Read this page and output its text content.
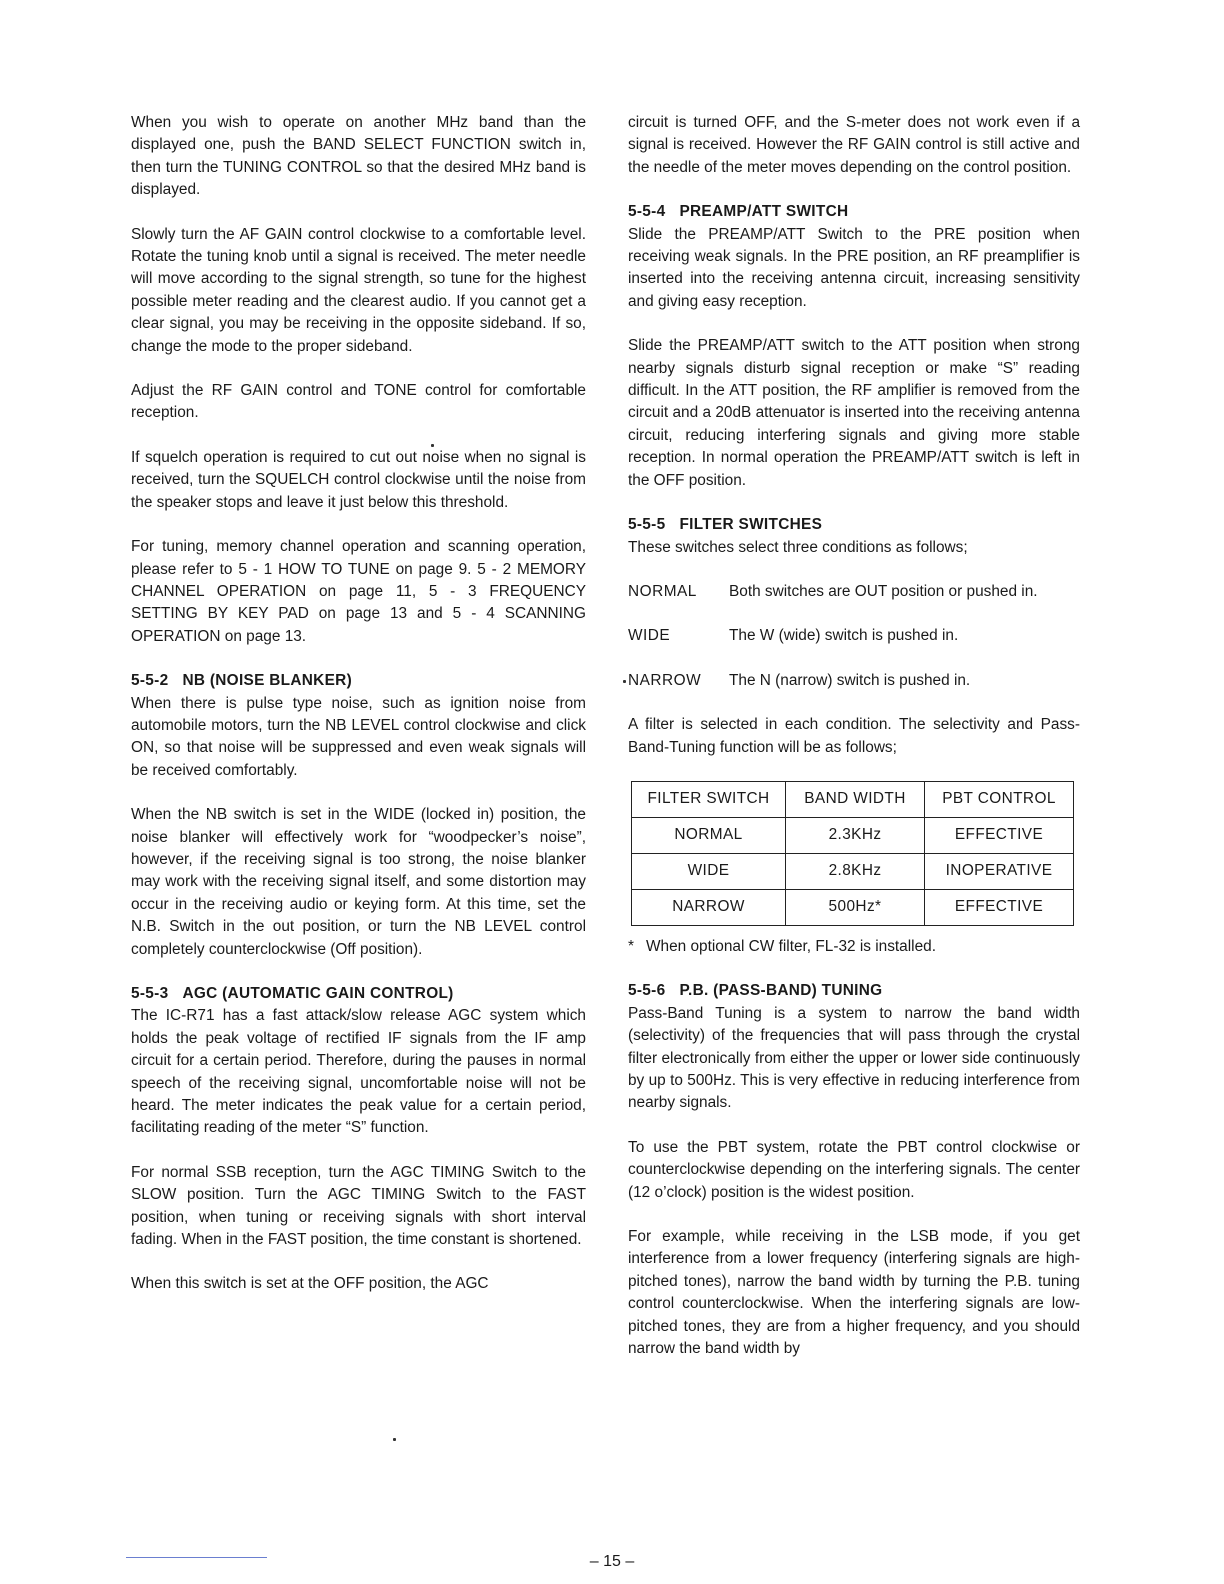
When you wish to operate on another MHz band than the displayed one, push the BAND SELECT FUNCTION switch in, then turn the TUNING CONTROL so that the desired MHz band is displayed.

Slowly turn the AF GAIN control clockwise to a comfortable level. Rotate the tuning knob until a signal is received. The meter needle will move according to the signal strength, so tune for the highest possible meter reading and the clearest audio. If you cannot get a clear signal, you may be receiving in the opposite sideband. If so, change the mode to the proper sideband.

Adjust the RF GAIN control and TONE control for comfortable reception.

If squelch operation is required to cut out noise when no signal is received, turn the SQUELCH control clockwise until the noise from the speaker stops and leave it just below this threshold.

For tuning, memory channel operation and scanning operation, please refer to 5 - 1 HOW TO TUNE on page 9. 5 - 2 MEMORY CHANNEL OPERATION on page 11, 5 - 3 FREQUENCY SETTING BY KEY PAD on page 13 and 5 - 4 SCANNING OPERATION on page 13.

5-5-2 NB (NOISE BLANKER)

When there is pulse type noise, such as ignition noise from automobile motors, turn the NB LEVEL control clockwise and click ON, so that noise will be suppressed and even weak signals will be received comfortably.

When the NB switch is set in the WIDE (locked in) position, the noise blanker will effectively work for “woodpecker’s noise”, however, if the receiving signal is too strong, the noise blanker may work with the receiving signal itself, and some distortion may occur in the receiving audio or keying form. At this time, set the N.B. Switch in the out position, or turn the NB LEVEL control completely counterclockwise (Off position).

5-5-3 AGC (AUTOMATIC GAIN CONTROL)

The IC-R71 has a fast attack/slow release AGC system which holds the peak voltage of rectified IF signals from the IF amp circuit for a certain period. Therefore, during the pauses in normal speech of the receiving signal, uncomfortable noise will not be heard. The meter indicates the peak value for a certain period, facilitating reading of the meter “S” function.

For normal SSB reception, turn the AGC TIMING Switch to the SLOW position. Turn the AGC TIMING Switch to the FAST position, when tuning or receiving signals with short interval fading. When in the FAST position, the time constant is shortened.

When this switch is set at the OFF position, the AGC

circuit is turned OFF, and the S-meter does not work even if a signal is received. However the RF GAIN control is still active and the needle of the meter moves depending on the control position.

5-5-4 PREAMP/ATT SWITCH

Slide the PREAMP/ATT Switch to the PRE position when receiving weak signals. In the PRE position, an RF preamplifier is inserted into the receiving antenna circuit, increasing sensitivity and giving easy reception.

Slide the PREAMP/ATT switch to the ATT position when strong nearby signals disturb signal reception or make “S” reading difficult. In the ATT position, the RF amplifier is removed from the circuit and a 20dB attenuator is inserted into the receiving antenna circuit, reducing interfering signals and giving more stable reception. In normal operation the PREAMP/ATT switch is left in the OFF position.

5-5-5 FILTER SWITCHES

These switches select three conditions as follows;

NORMAL	Both switches are OUT position or pushed in.
WIDE	The W (wide) switch is pushed in.
NARROW	The N (narrow) switch is pushed in.

A filter is selected in each condition. The selectivity and Pass-Band-Tuning function will be as follows;

FILTER SWITCH	BAND WIDTH	PBT CONTROL
NORMAL	2.3KHz	EFFECTIVE
WIDE	2.8KHz	INOPERATIVE
NARROW	500Hz*	EFFECTIVE
* When optional CW filter, FL-32 is installed.
5-5-6 P.B. (PASS-BAND) TUNING

Pass-Band Tuning is a system to narrow the band width (selectivity) of the frequencies that will pass through the crystal filter electronically from either the upper or lower side continuously by up to 500Hz. This is very effective in reducing interference from nearby signals.

To use the PBT system, rotate the PBT control clockwise or counterclockwise depending on the interfering signals. The center (12 o’clock) position is the widest position.

For example, while receiving in the LSB mode, if you get interference from a lower frequency (interfering signals are high-pitched tones), narrow the band width by turning the P.B. tuning control counterclockwise. When the interfering signals are low-pitched tones, they are from a higher frequency, and you should narrow the band width by

– 15 –
